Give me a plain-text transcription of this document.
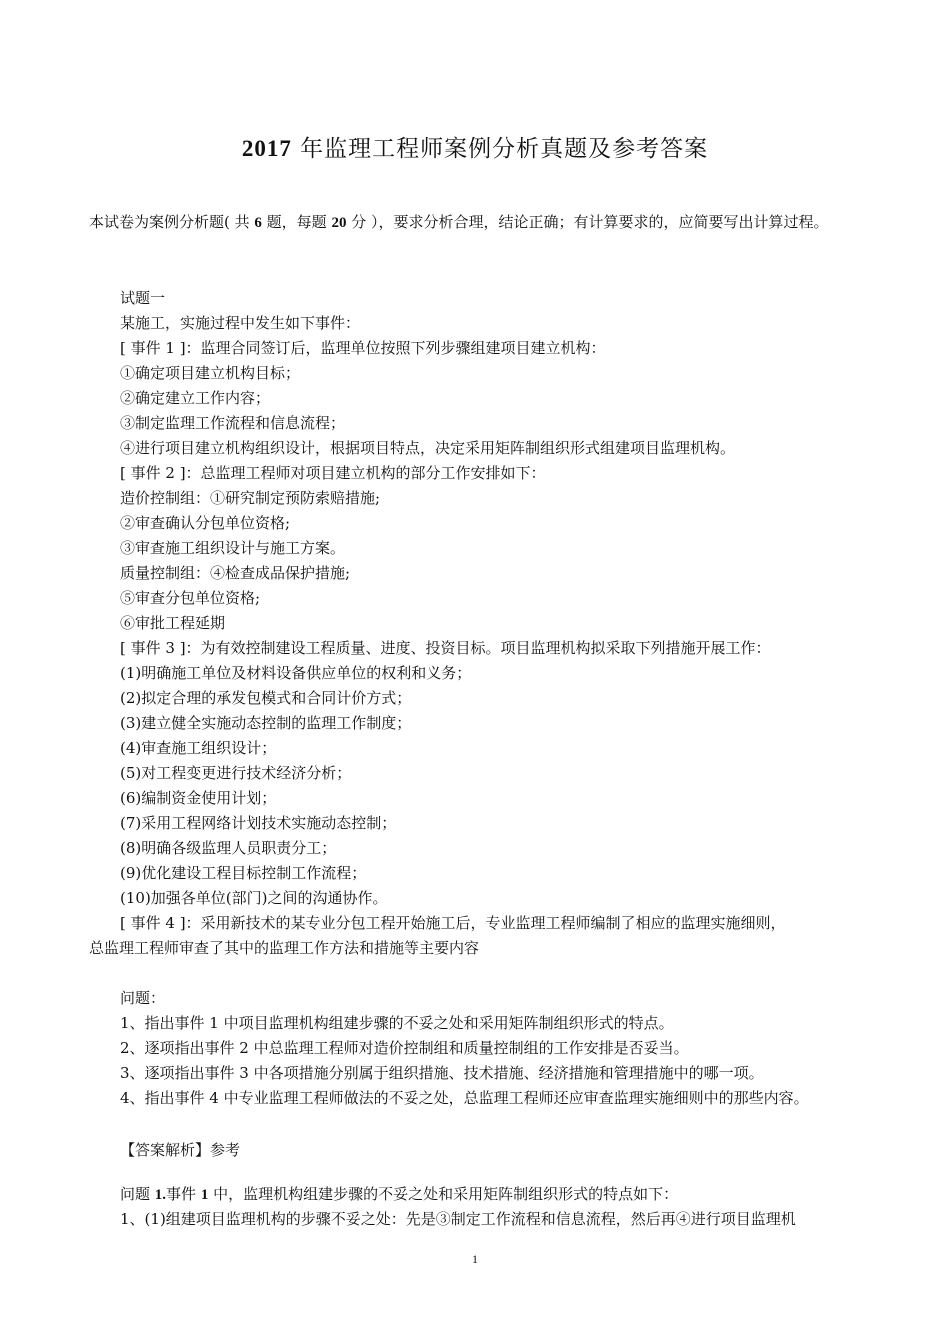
2017 年监理工程师案例分析真题及参考答案
本试卷为案例分析题( 共 6 题，每题 20 分 ），要求分析合理，结论正确；有计算要求的，应简要写出计算过程。
试题一
某施工，实施过程中发生如下事件：
[ 事件 1 ]：监理合同签订后，监理单位按照下列步骤组建项目建立机构：
①确定项目建立机构目标；
②确定建立工作内容；
③制定监理工作流程和信息流程；
④进行项目建立机构组织设计，根据项目特点，决定采用矩阵制组织形式组建项目监理机构。
[ 事件 2 ]：总监理工程师对项目建立机构的部分工作安排如下：
造价控制组：①研究制定预防索赔措施;
②审查确认分包单位资格;
③审查施工组织设计与施工方案。
质量控制组：④检查成品保护措施;
⑤审查分包单位资格;
⑥审批工程延期
[ 事件 3 ]：为有效控制建设工程质量、进度、投资目标。项目监理机构拟采取下列措施开展工作：
(1)明确施工单位及材料设备供应单位的权利和义务；
(2)拟定合理的承发包模式和合同计价方式；
(3)建立健全实施动态控制的监理工作制度；
(4)审查施工组织设计；
(5)对工程变更进行技术经济分析；
(6)编制资金使用计划；
(7)采用工程网络计划技术实施动态控制；
(8)明确各级监理人员职责分工；
(9)优化建设工程目标控制工作流程；
(10)加强各单位(部门)之间的沟通协作。
[ 事件 4 ]：采用新技术的某专业分包工程开始施工后，专业监理工程师编制了相应的监理实施细则，
总监理工程师审查了其中的监理工作方法和措施等主要内容
问题：
1、指出事件 1 中项目监理机构组建步骤的不妥之处和采用矩阵制组织形式的特点。
2、逐项指出事件 2 中总监理工程师对造价控制组和质量控制组的工作安排是否妥当。
3、逐项指出事件 3 中各项措施分别属于组织措施、技术措施、经济措施和管理措施中的哪一项。
4、指出事件 4 中专业监理工程师做法的不妥之处，总监理工程师还应审查监理实施细则中的那些内容。
【答案解析】参考
问题 1.事件 1 中，监理机构组建步骤的不妥之处和采用矩阵制组织形式的特点如下：
1、(1)组建项目监理机构的步骤不妥之处：先是③制定工作流程和信息流程，然后再④进行项目监理机
1
